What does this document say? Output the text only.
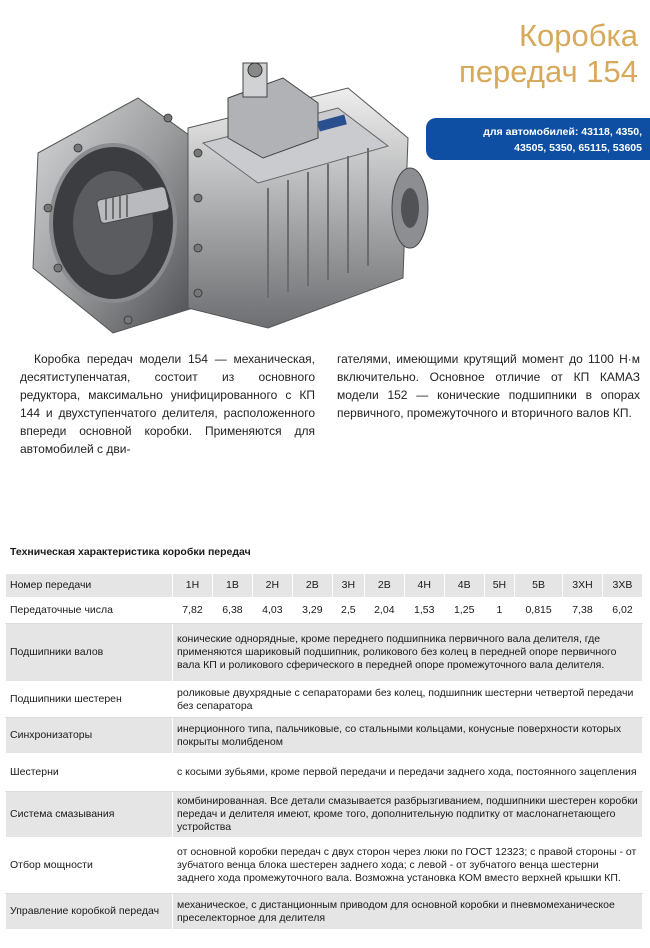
Коробка
передач 154
для автомобилей: 43118, 4350,
43505, 5350, 65115, 53605
Коробка передач модели 154 — механическая, десятиступенчатая, состоит из основного редуктора, максимально унифицированного с КП 144 и двухступенчатого делителя, расположенного впереди основной коробки. Применяются для автомобилей с дви-
гателями, имеющими крутящий момент до 1100 Н·м включительно. Основное отличие от КП КАМАЗ модели 152 — конические подшипники в опорах первичного, промежуточного и вторичного валов КП.
Техническая характеристика коробки передач
Номер передачи	1H	1B	2H	2B	3H	2B	4H	4B	5H	5B	3XH	3XB
Передаточные числа	7,82	6,38	4,03	3,29	2,5	2,04	1,53	1,25	1	0,815	7,38	6,02
Подшипники валов	конические однорядные, кроме переднего подшипника первичного вала делителя, где применяются шариковый подшипник, роликового без колец в передней опоре первичного вала КП и роликового сферического в передней опоре промежуточного вала делителя.											
Подшипники шестерен	роликовые двухрядные с сепараторами без колец, подшипник шестерни четвертой передачи без сепаратора											
Синхронизаторы	инерционного типа, пальчиковые, со стальными кольцами, конусные поверхности которых покрыты молибденом											
Шестерни	с косыми зубьями, кроме первой передачи и передачи заднего хода, постоянного зацепления											
Система смазывания	комбинированная. Все детали смазывается разбрызгиванием, подшипники шестерен коробки передач и делителя имеют, кроме того, дополнительную подпитку от маслонагнетающего устройства											
Отбор мощности	от основной коробки передач с двух сторон через люки по ГОСТ 12323; с правой стороны - от зубчатого венца блока шестерен заднего хода; с левой - от зубчатого венца шестерни заднего хода промежуточного вала. Возможна установка КОМ вместо верхней крышки КП.											
Управление коробкой передач	механическое, с дистанционным приводом для основной коробки и пневмомеханическое преселекторное для делителя											
